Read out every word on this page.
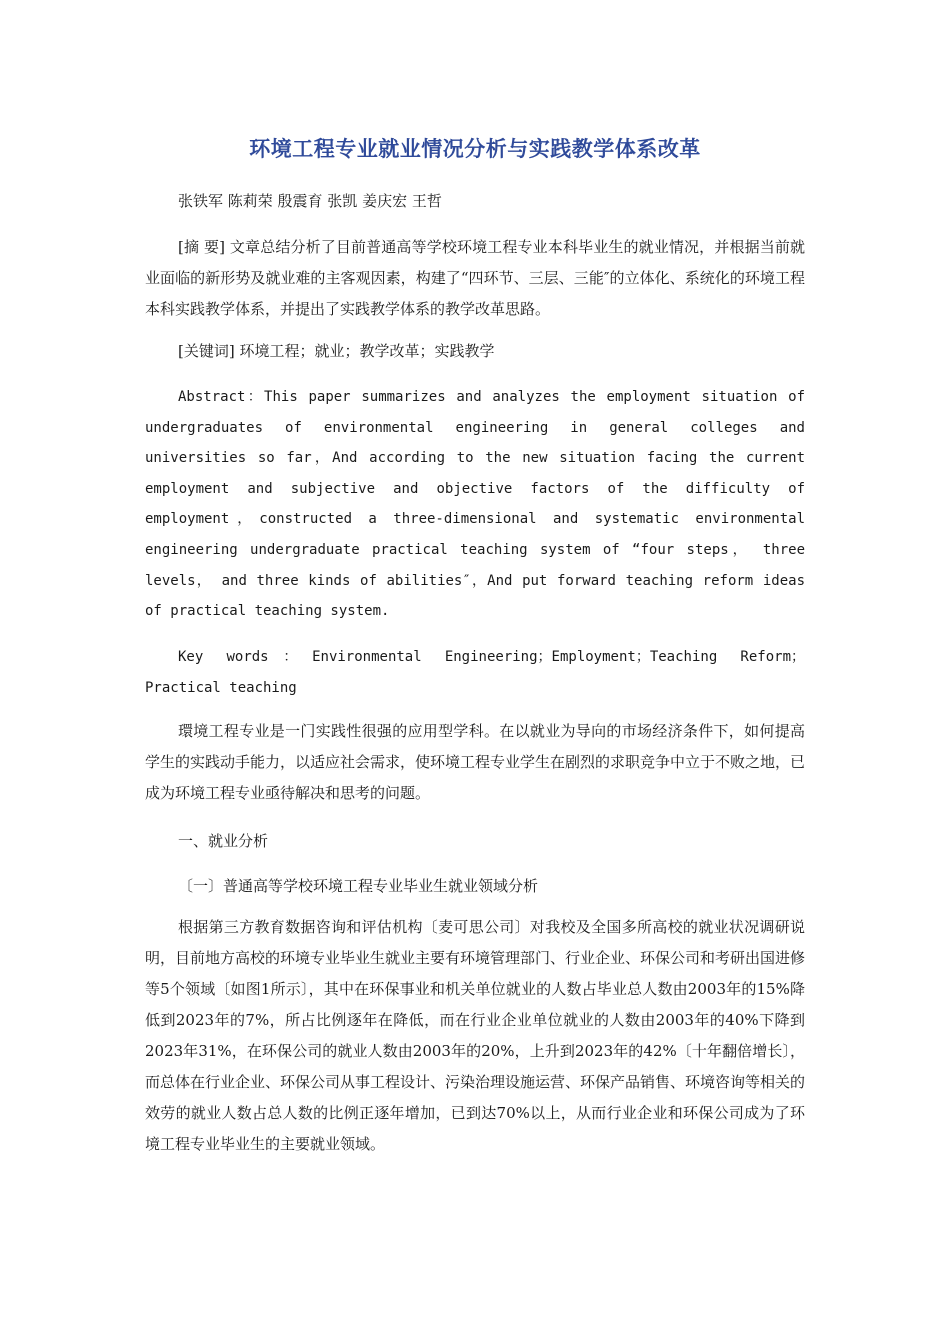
环境工程专业就业情况分析与实践教学体系改革
张铁军 陈莉荣 殷震育 张凯 姜庆宏 王哲

[摘 要] 文章总结分析了目前普通高等学校环境工程专业本科毕业生的就业情况，并根据当前就业面临的新形势及就业难的主客观因素，构建了“四环节、三层、三能″的立体化、系统化的环境工程本科实践教学体系，并提出了实践教学体系的教学改革思路。

[关键词] 环境工程；就业；教学改革；实践教学

Abstract：This paper summarizes and analyzes the employment situation of undergraduates of environmental engineering in general colleges and universities so far，And according to the new situation facing the current employment and subjective and objective factors of the difficulty of employment，constructed a three-dimensional and systematic environmental engineering undergraduate practical teaching system of “four steps， three levels， and three kinds of abilities″，And put forward teaching reform ideas of practical teaching system.

Key words：Environmental Engineering；Employment；Teaching Reform；Practical teaching

環境工程专业是一门实践性很强的应用型学科。在以就业为导向的市场经济条件下，如何提高学生的实践动手能力，以适应社会需求，使环境工程专业学生在剧烈的求职竞争中立于不败之地，已成为环境工程专业亟待解决和思考的问题。

一、就业分析
〔一〕普通高等学校环境工程专业毕业生就业领域分析

根据第三方教育数据咨询和评估机构〔麦可思公司〕对我校及全国多所高校的就业状况调研说明，目前地方高校的环境专业毕业生就业主要有环境管理部门、行业企业、环保公司和考研出国进修等5个领域〔如图1所示〕，其中在环保事业和机关单位就业的人数占毕业总人数由2003年的15%降低到2023年的7%，所占比例逐年在降低，而在行业企业单位就业的人数由2003年的40%下降到2023年31%，在环保公司的就业人数由2003年的20%，上升到2023年的42%〔十年翻倍增长〕，而总体在行业企业、环保公司从事工程设计、污染治理设施运营、环保产品销售、环境咨询等相关的效劳的就业人数占总人数的比例正逐年增加，已到达70%以上，从而行业企业和环保公司成为了环境工程专业毕业生的主要就业领域。
